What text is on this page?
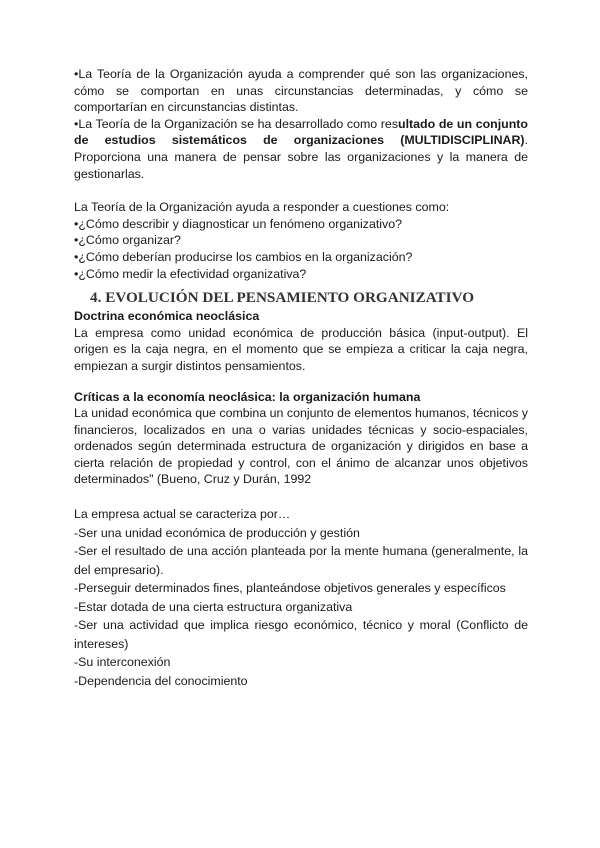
•La Teoría de la Organización ayuda a comprender qué son las organizaciones, cómo se comportan en unas circunstancias determinadas, y cómo se comportarían en circunstancias distintas.

•La Teoría de la Organización se ha desarrollado como resultado de un conjunto de estudios sistemáticos de organizaciones (MULTIDISCIPLINAR). Proporciona una manera de pensar sobre las organizaciones y la manera de gestionarlas.

La Teoría de la Organización ayuda a responder a cuestiones como:

•¿Cómo describir y diagnosticar un fenómeno organizativo?

•¿Cómo organizar?

•¿Cómo deberían producirse los cambios en la organización?

•¿Cómo medir la efectividad organizativa?

4. EVOLUCIÓN DEL PENSAMIENTO ORGANIZATIVO

Doctrina económica neoclásica

La empresa como unidad económica de producción básica (input-output). El origen es la caja negra, en el momento que se empieza a criticar la caja negra, empiezan a surgir distintos pensamientos.

Críticas a la economía neoclásica: la organización humana

La unidad económica que combina un conjunto de elementos humanos, técnicos y financieros, localizados en una o varias unidades técnicas y socio-espaciales, ordenados según determinada estructura de organización y dirigidos en base a cierta relación de propiedad y control, con el ánimo de alcanzar unos objetivos determinados" (Bueno, Cruz y Durán, 1992

La empresa actual se caracteriza por…

-Ser una unidad económica de producción y gestión

-Ser el resultado de una acción planteada por la mente humana (generalmente, la del empresario).

-Perseguir determinados fines, planteándose objetivos generales y específicos

-Estar dotada de una cierta estructura organizativa

-Ser una actividad que implica riesgo económico, técnico y moral (Conflicto de intereses)

-Su interconexión

-Dependencia del conocimiento
